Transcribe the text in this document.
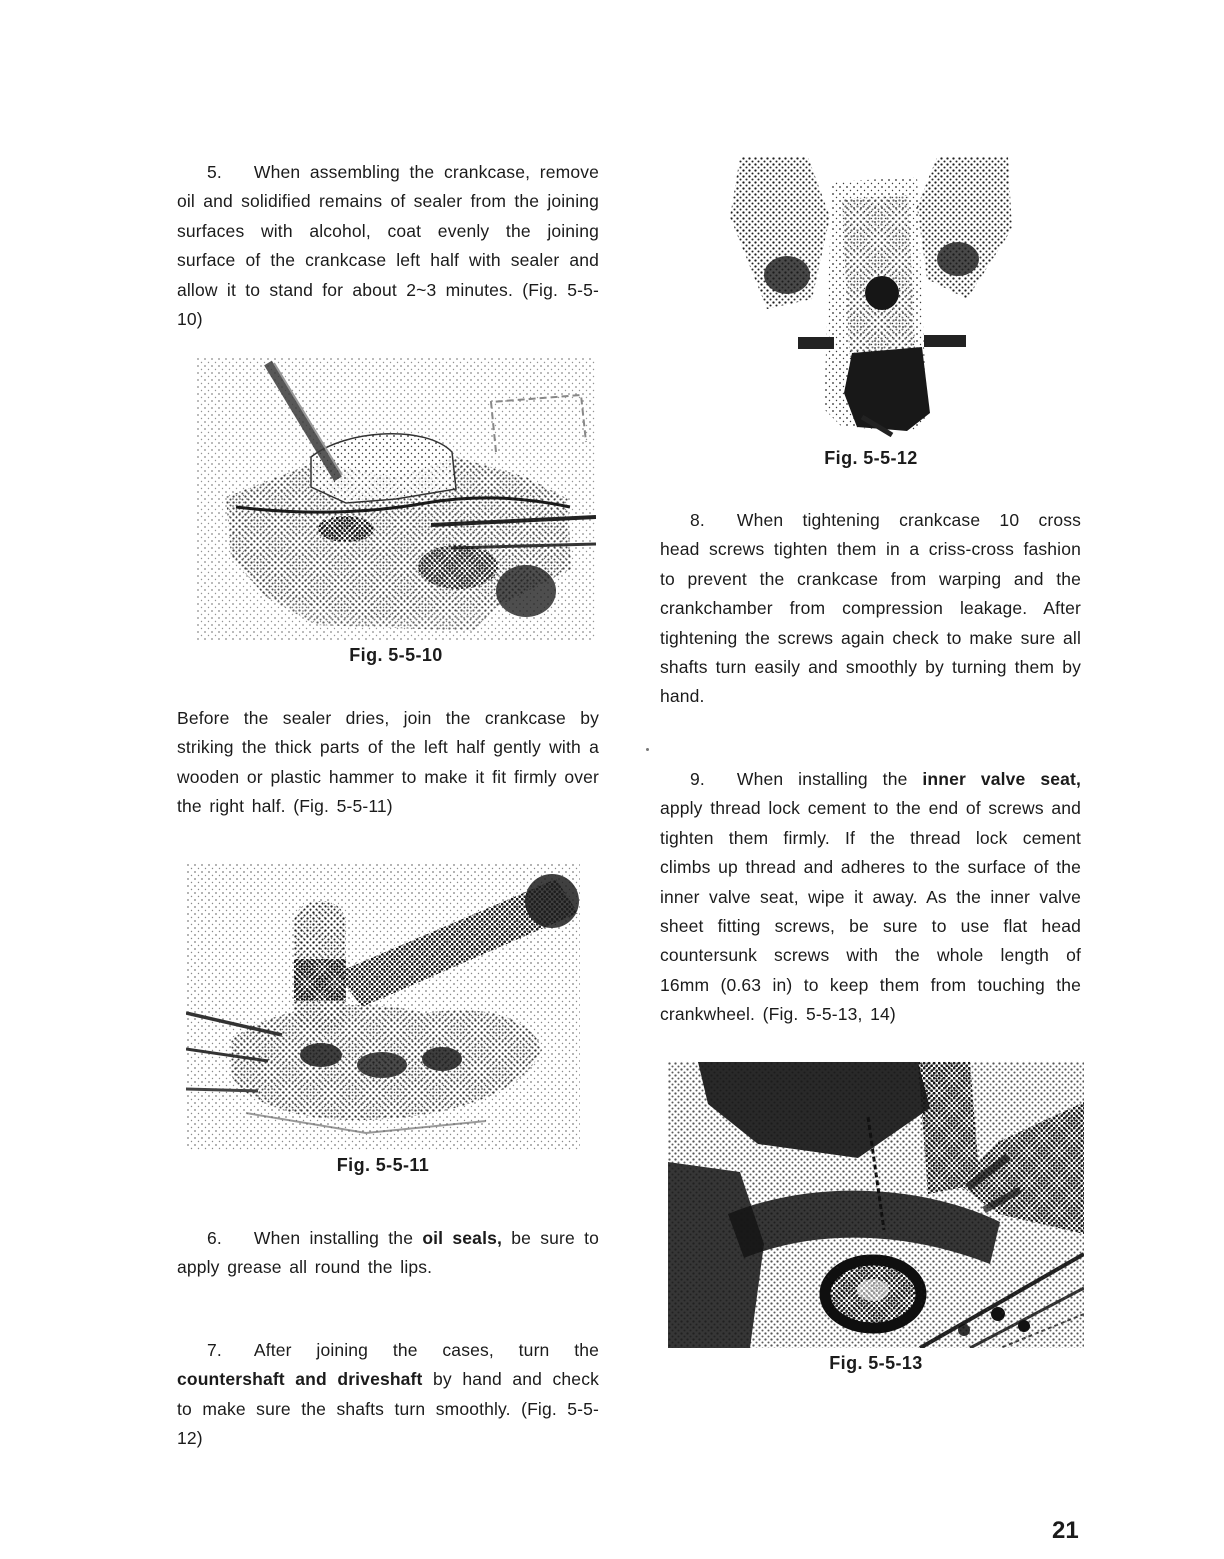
5. When assembling the crankcase, remove oil and solidified remains of sealer from the joining surfaces with alcohol, coat evenly the joining surface of the crankcase left half with sealer and allow it to stand for about 2~3 minutes. (Fig. 5-5-10)

Fig. 5-5-10

Before the sealer dries, join the crankcase by striking the thick parts of the left half gently with a wooden or plastic hammer to make it fit firmly over the right half. (Fig. 5-5-11)

Fig. 5-5-11

6. When installing the oil seals, be sure to apply grease all round the lips.

7. After joining the cases, turn the countershaft and driveshaft by hand and check to make sure the shafts turn smoothly. (Fig. 5-5-12)

Fig. 5-5-12

8. When tightening crankcase 10 cross head screws tighten them in a criss-cross fashion to prevent the crankcase from warping and the crankchamber from compression leakage. After tightening the screws again check to make sure all shafts turn easily and smoothly by turning them by hand.

9. When installing the inner valve seat, apply thread lock cement to the end of screws and tighten them firmly. If the thread lock cement climbs up thread and adheres to the surface of the inner valve seat, wipe it away. As the inner valve sheet fitting screws, be sure to use flat head countersunk screws with the whole length of 16mm (0.63 in) to keep them from touching the crankwheel. (Fig. 5-5-13, 14)

Fig. 5-5-13
21
